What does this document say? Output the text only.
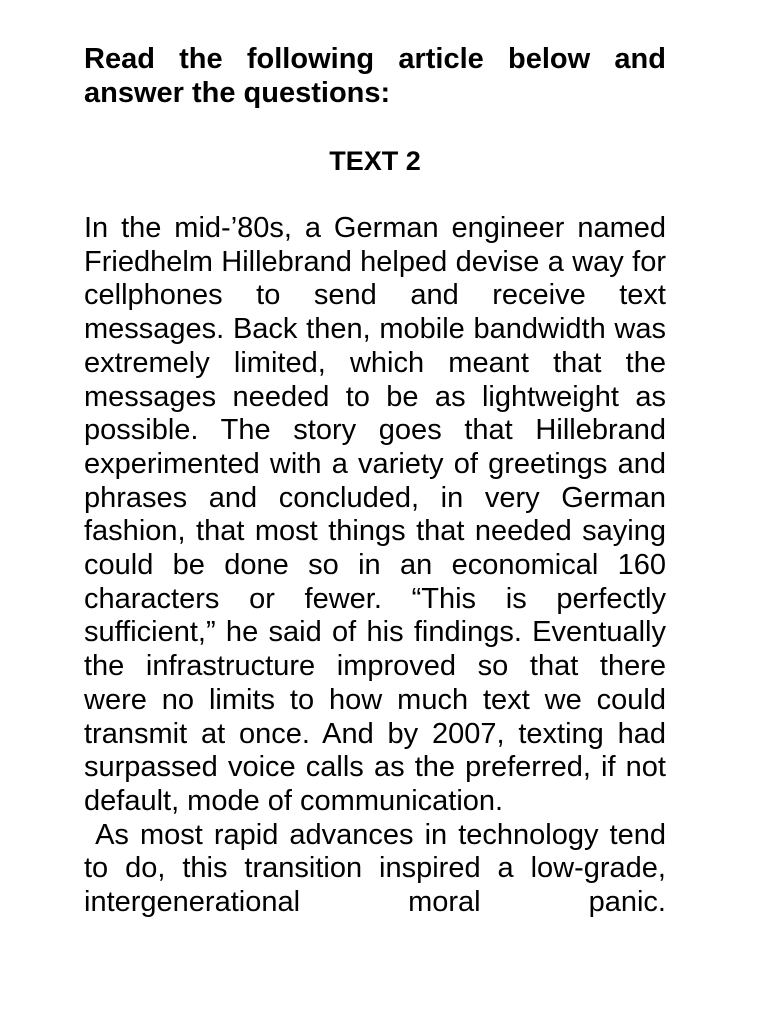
Read the following article below and answer the questions:

TEXT 2

In the mid-’80s, a German engineer named Friedhelm Hillebrand helped devise a way for cellphones to send and receive text messages. Back then, mobile bandwidth was extremely limited, which meant that the messages needed to be as lightweight as possible. The story goes that Hillebrand experimented with a variety of greetings and phrases and concluded, in very German fashion, that most things that needed saying could be done so in an economical 160 characters or fewer. “This is perfectly sufficient,” he said of his findings. Eventually the infrastructure improved so that there were no limits to how much text we could transmit at once. And by 2007, texting had surpassed voice calls as the preferred, if not default, mode of communication.

As most rapid advances in technology tend to do, this transition inspired a low-grade, intergenerational moral panic.
